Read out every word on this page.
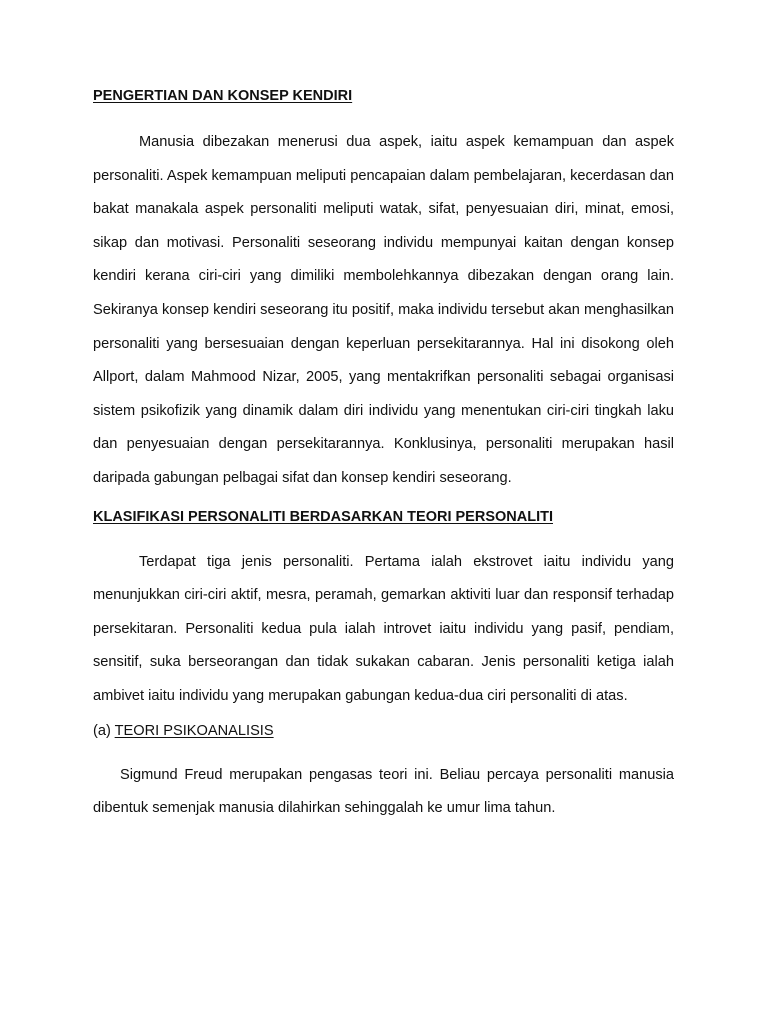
PENGERTIAN DAN KONSEP KENDIRI

Manusia dibezakan menerusi dua aspek, iaitu aspek kemampuan dan aspek personaliti. Aspek kemampuan meliputi pencapaian dalam pembelajaran, kecerdasan dan bakat manakala aspek personaliti meliputi watak, sifat, penyesuaian diri, minat, emosi, sikap dan motivasi. Personaliti seseorang individu mempunyai kaitan dengan konsep kendiri kerana ciri-ciri yang dimiliki membolehkannya dibezakan dengan orang lain. Sekiranya konsep kendiri seseorang itu positif, maka individu tersebut akan menghasilkan personaliti yang bersesuaian dengan keperluan persekitarannya. Hal ini disokong oleh Allport, dalam Mahmood Nizar, 2005, yang mentakrifkan personaliti sebagai organisasi sistem psikofizik yang dinamik dalam diri individu yang menentukan ciri-ciri tingkah laku dan penyesuaian dengan persekitarannya. Konklusinya, personaliti merupakan hasil daripada gabungan pelbagai sifat dan konsep kendiri seseorang.

KLASIFIKASI PERSONALITI BERDASARKAN TEORI PERSONALITI

Terdapat tiga jenis personaliti. Pertama ialah ekstrovet iaitu individu yang menunjukkan ciri-ciri aktif, mesra, peramah, gemarkan aktiviti luar dan responsif terhadap persekitaran. Personaliti kedua pula ialah introvet iaitu individu yang pasif, pendiam, sensitif, suka berseorangan dan tidak sukakan cabaran. Jenis personaliti ketiga ialah ambivet iaitu individu yang merupakan gabungan kedua-dua ciri personaliti di atas.

(a) TEORI PSIKOANALISIS

Sigmund Freud merupakan pengasas teori ini. Beliau percaya personaliti manusia dibentuk semenjak manusia dilahirkan sehinggalah ke umur lima tahun.
